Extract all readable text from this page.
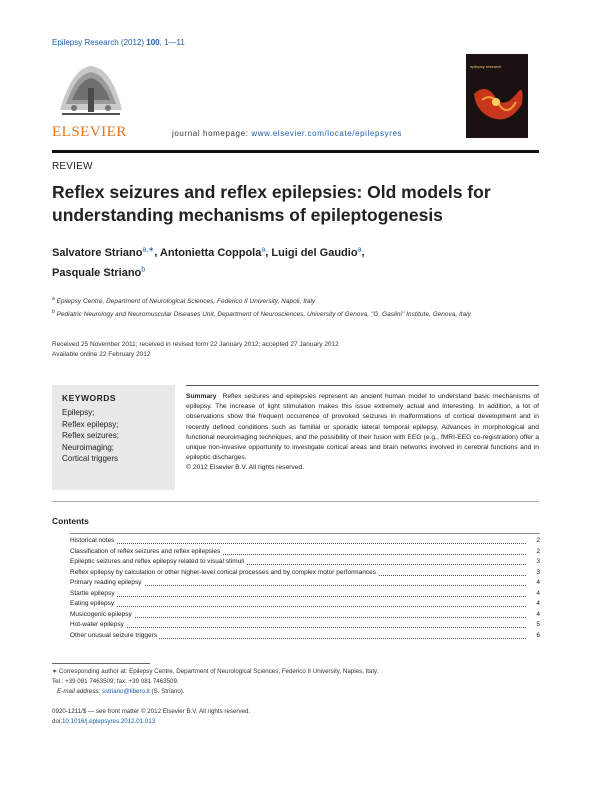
Epilepsy Research (2012) 100, 1—11
ELSEVIER	journal homepage: www.elsevier.com/locate/epilepsyres
epilepsy research
REVIEW
Reflex seizures and reflex epilepsies: Old models for understanding mechanisms of epileptogenesis
Salvatore Striano$^{a,∗}$, Antonietta Coppola$^a$, Luigi del Gaudio$^a$,
Pasquale Striano$^b$
$^a$ Epilepsy Centre, Department of Neurological Sciences, Federico II University, Napoli, Italy
$^b$ Pediatric Neurology and Neuromuscular Diseases Unit, Department of Neurosciences, University of Genova, ''G. Gaslini'' Institute, Genova, Italy
Received 25 November 2011; received in revised form 22 January 2012; accepted 27 January 2012
Available online 22 February 2012
KEYWORDS
Epilepsy;
Reflex epilepsy;
Reflex seizures;
Neuroimaging;
Cortical triggers
Summary Reflex seizures and epilepsies represent an ancient human model to understand basic mechanisms of epilepsy. The increase of light stimulation makes this issue extremely actual and interesting. In addition, a lot of observations show the frequent occurrence of provoked seizures in malformations of cortical development and in recently defined conditions such as familial or sporadic lateral temporal epilepsy. Advances in morphological and functional neuroimaging techniques, and the possibility of their fusion with EEG (e.g., fMRI-EEG co-registration) offer a unique non-invasive opportunity to investigate cortical areas and brain networks involved in cerebral functions and in epileptic discharges.
© 2012 Elsevier B.V. All rights reserved.
Contents
Historical notes	2
Classification of reflex seizures and reflex epilepsies	2
Epileptic seizures and reflex epilepsy related to visual stimuli	3
Reflex epilepsy by calculation or other higher-level cortical processes and by complex motor performances	3
Primary reading epilepsy	4
Startle epilepsy	4
Eating epilepsy	4
Musicogenic epilepsy	4
Hot-water epilepsy	5
Other unusual seizure triggers	6
∗ Corresponding author at: Epilepsy Centre, Department of Neurological Sciences, Federico II University, Naples, Italy.
Tel.: +39 081 7463509; fax: +39 081 7463509.
E-mail address: sstriano@libero.it (S. Striano).
0920-1211/$ — see front matter © 2012 Elsevier B.V. All rights reserved.
doi:10.1016/j.eplepsyres.2012.01.013
